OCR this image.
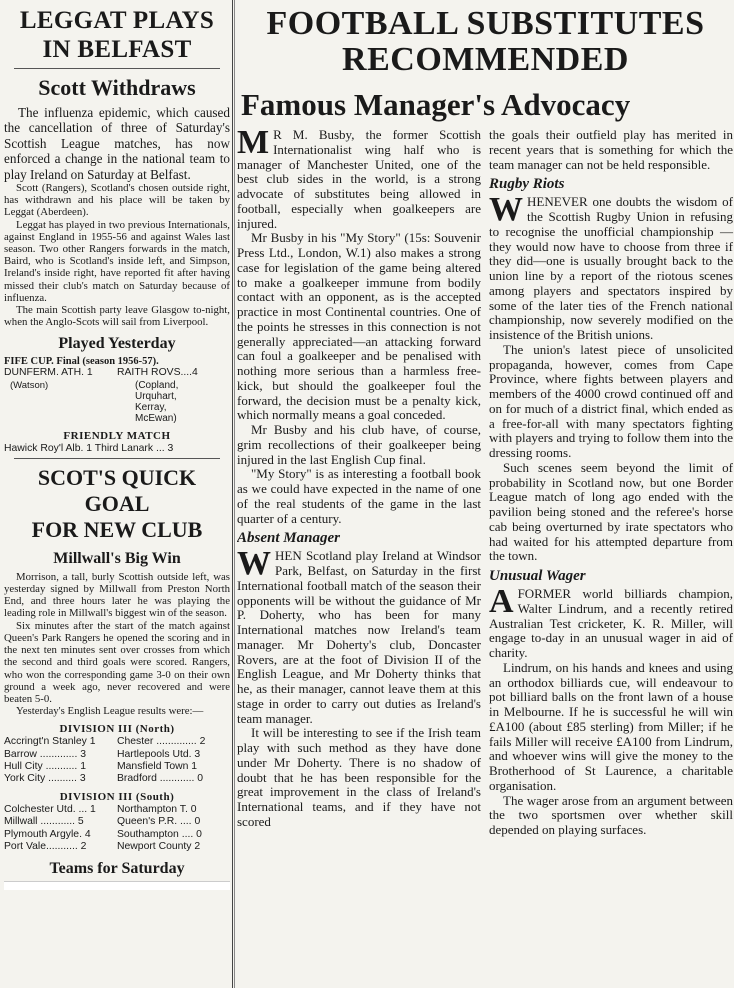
LEGGAT PLAYS
IN BELFAST
Scott Withdraws

The influenza epidemic, which caused the cancellation of three of Saturday's Scottish League matches, has now enforced a change in the national team to play Ireland on Saturday at Belfast.

Scott (Rangers), Scotland's chosen outside right, has withdrawn and his place will be taken by Leggat (Aberdeen).

Leggat has played in two previous Internationals, against England in 1955-56 and against Wales last season. Two other Rangers forwards in the match, Baird, who is Scotland's inside left, and Simpson, Ireland's inside right, have reported fit after having missed their club's match on Saturday because of influenza.

The main Scottish party leave Glasgow to-night, when the Anglo-Scots will sail from Liverpool.

Played Yesterday
FIFE CUP. Final (season 1956-57).
DUNFERM. ATH. 1	RAITH ROVS....4
(Watson)	(Copland,
Urquhart,
Kerray,
McEwan)
FRIENDLY MATCH
Hawick Roy'l Alb. 1 Third Lanark ... 3
SCOT'S QUICK GOAL
FOR NEW CLUB
Millwall's Big Win

Morrison, a tall, burly Scottish outside left, was yesterday signed by Millwall from Preston North End, and three hours later he was playing the leading role in Millwall's biggest win of the season.

Six minutes after the start of the match against Queen's Park Rangers he opened the scoring and in the next ten minutes sent over crosses from which the second and third goals were scored. Rangers, who won the corresponding game 3-0 on their own ground a week ago, never recovered and were beaten 5-0.

Yesterday's English League results were:—

DIVISION III (North)
Accringt'n Stanley 1	Chester .............. 2
Barrow ............. 3	Hartlepools Utd. 3
Hull City ........... 1	Mansfield Town 1
York City .......... 3	Bradford ............ 0
DIVISION III (South)
Colchester Utd. ... 1	Northampton T. 0
Millwall ............ 5	Queen's P.R. .... 0
Plymouth Argyle. 4	Southampton .... 0
Port Vale........... 2	Newport County 2
Teams for Saturday
FOOTBALL SUBSTITUTES
RECOMMENDED
Famous Manager's Advocacy

M R M. Busby, the former Scottish Internationalist wing half who is manager of Manchester United, one of the best club sides in the world, is a strong advocate of substitutes being allowed in football, especially when goalkeepers are injured.

Mr Busby in his "My Story" (15s: Souvenir Press Ltd., London, W.1) also makes a strong case for legislation of the game being altered to make a goalkeeper immune from bodily contact with an opponent, as is the accepted practice in most Continental countries. One of the points he stresses in this connection is not generally appreciated—an attacking forward can foul a goalkeeper and be penalised with nothing more serious than a harmless free-kick, but should the goalkeeper foul the forward, the decision must be a penalty kick, which normally means a goal conceded.

Mr Busby and his club have, of course, grim recollections of their goalkeeper being injured in the last English Cup final.

"My Story" is as interesting a football book as we could have expected in the name of one of the real students of the game in the last quarter of a century.

Absent Manager

WHEN Scotland play Ireland at Windsor Park, Belfast, on Saturday in the first International football match of the season their opponents will be without the guidance of Mr P. Doherty, who has been for many International matches now Ireland's team manager. Mr Doherty's club, Doncaster Rovers, are at the foot of Division II of the English League, and Mr Doherty thinks that he, as their manager, cannot leave them at this stage in order to carry out duties as Ireland's team manager.

It will be interesting to see if the Irish team play with such method as they have done under Mr Doherty. There is no shadow of doubt that he has been responsible for the great improvement in the class of Ireland's International teams, and if they have not scored

the goals their outfield play has merited in recent years that is something for which the team manager can not be held responsible.

Rugby Riots

WHENEVER one doubts the wisdom of the Scottish Rugby Union in refusing to recognise the unofficial championship — they would now have to choose from three if they did—one is usually brought back to the union line by a report of the riotous scenes among players and spectators inspired by some of the later ties of the French national championship, now severely modified on the insistence of the British unions.

The union's latest piece of unsolicited propaganda, however, comes from Cape Province, where fights between players and members of the 4000 crowd continued off and on for much of a district final, which ended as a free-for-all with many spectators fighting with players and trying to follow them into the dressing rooms.

Such scenes seem beyond the limit of probability in Scotland now, but one Border League match of long ago ended with the pavilion being stoned and the referee's horse cab being overturned by irate spectators who had waited for his attempted departure from the town.

Unusual Wager

AFORMER world billiards champion, Walter Lindrum, and a recently retired Australian Test cricketer, K. R. Miller, will engage to-day in an unusual wager in aid of charity.

Lindrum, on his hands and knees and using an orthodox billiards cue, will endeavour to pot billiard balls on the front lawn of a house in Melbourne. If he is successful he will win £A100 (about £85 sterling) from Miller; if he fails Miller will receive £A100 from Lindrum, and whoever wins will give the money to the Brotherhood of St Laurence, a charitable organisation.

The wager arose from an argument between the two sportsmen over whether skill depended on playing surfaces.
